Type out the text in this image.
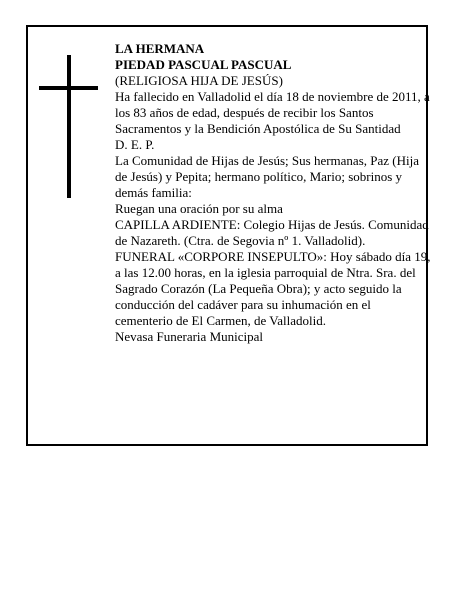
LA HERMANA

PIEDAD PASCUAL PASCUAL

(RELIGIOSA HIJA DE JESÚS)

Ha fallecido en Valladolid el día 18 de noviembre de 2011, a los 83 años de edad, después de recibir los Santos Sacramentos y la Bendición Apostólica de Su Santidad

D. E. P.

La Comunidad de Hijas de Jesús; Sus hermanas, Paz (Hija de Jesús) y Pepita; hermano político, Mario; sobrinos y demás familia:

Ruegan una oración por su alma

CAPILLA ARDIENTE: Colegio Hijas de Jesús. Comunidad de Nazareth. (Ctra. de Segovia nº 1. Valladolid).

FUNERAL «CORPORE INSEPULTO»: Hoy sábado día 19, a las 12.00 horas, en la iglesia parroquial de Ntra. Sra. del Sagrado Corazón (La Pequeña Obra); y acto seguido la conducción del cadáver para su inhumación en el cementerio de El Carmen, de Valladolid.

Nevasa Funeraria Municipal
